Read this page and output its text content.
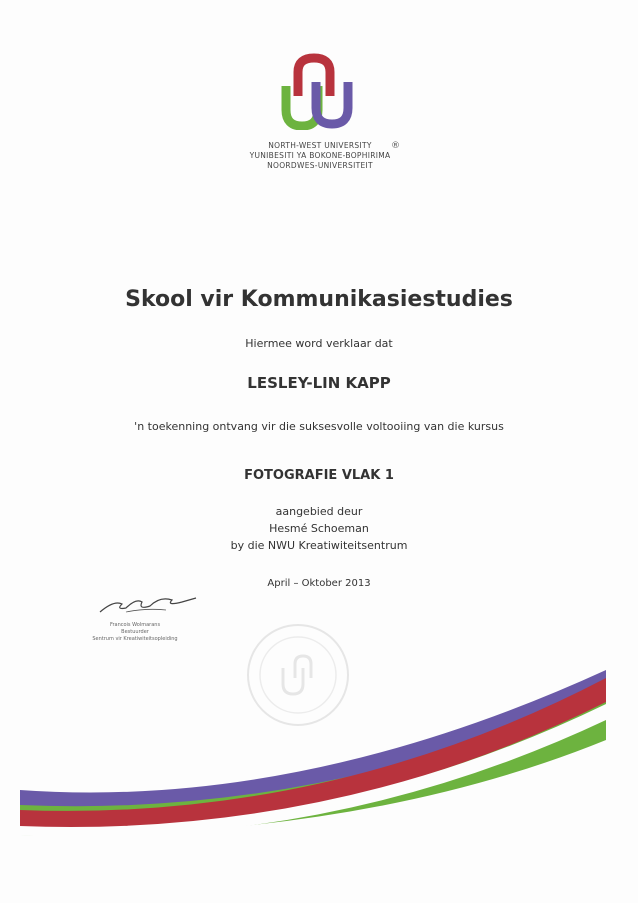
NORTH-WEST UNIVERSITY
YUNIBESITI YA BOKONE-BOPHIRIMA
NOORDWES-UNIVERSITEIT
®
Skool vir Kommunikasiestudies
Hiermee word verklaar dat
LESLEY-LIN KAPP
'n toekenning ontvang vir die suksesvolle voltooiing van die kursus
FOTOGRAFIE VLAK 1
aangebied deur
Hesmé Schoeman
by die NWU Kreatiwiteitsentrum
April – Oktober 2013
Francois Wolmarans
Bestuurder
Sentrum vir Kreatiwiteitsopleiding
